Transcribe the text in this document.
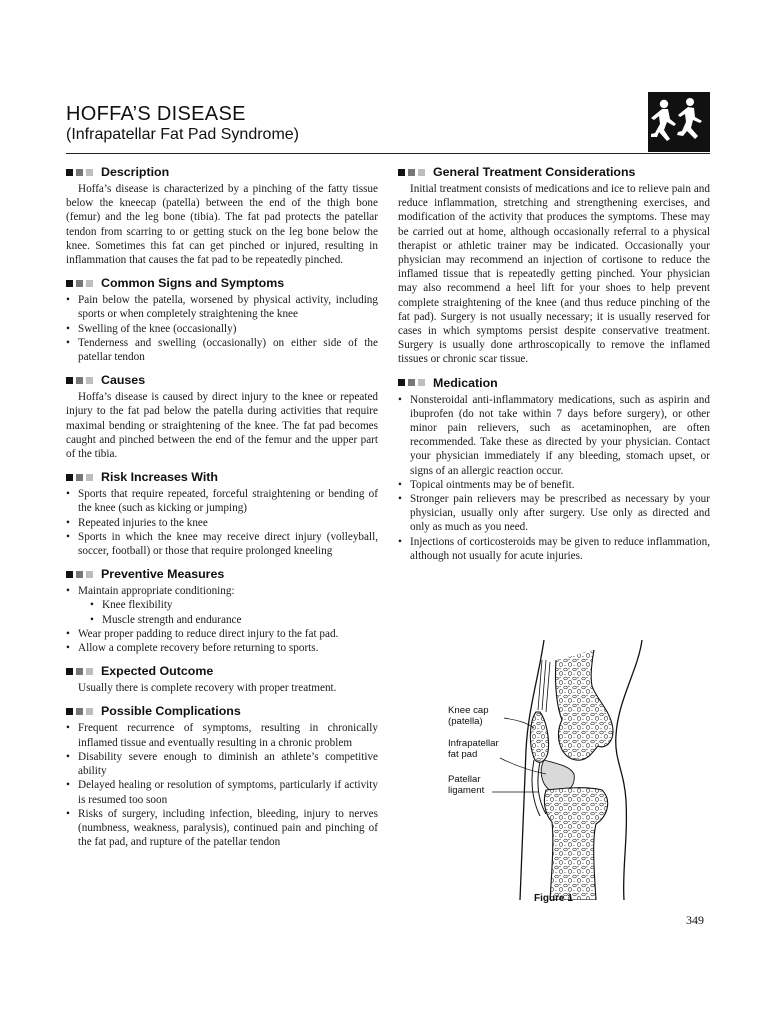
HOFFA’S DISEASE
(Infrapatellar Fat Pad Syndrome)
Description

Hoffa’s disease is characterized by a pinching of the fatty tissue below the kneecap (patella) between the end of the thigh bone (femur) and the leg bone (tibia). The fat pad protects the patellar tendon from scarring to or getting stuck on the leg bone below the knee. Sometimes this fat can get pinched or injured, resulting in inflammation that causes the fat pad to be repeatedly pinched.

Common Signs and Symptoms
• Pain below the patella, worsened by physical activity, including sports or when completely straightening the knee
• Swelling of the knee (occasionally)
• Tenderness and swelling (occasionally) on either side of the patellar tendon
Causes

Hoffa’s disease is caused by direct injury to the knee or repeated injury to the fat pad below the patella during activities that require maximal bending or straightening of the knee. The fat pad becomes caught and pinched between the end of the femur and the upper part of the tibia.

Risk Increases With
• Sports that require repeated, forceful straightening or bending of the knee (such as kicking or jumping)
• Repeated injuries to the knee
• Sports in which the knee may receive direct injury (volleyball, soccer, football) or those that require prolonged kneeling
Preventive Measures
• Maintain appropriate conditioning:
• Knee flexibility
• Muscle strength and endurance
• Wear proper padding to reduce direct injury to the fat pad.
• Allow a complete recovery before returning to sports.
Expected Outcome

Usually there is complete recovery with proper treatment.

Possible Complications
• Frequent recurrence of symptoms, resulting in chronically inflamed tissue and eventually resulting in a chronic problem
• Disability severe enough to diminish an athlete’s competitive ability
• Delayed healing or resolution of symptoms, particularly if activity is resumed too soon
• Risks of surgery, including infection, bleeding, injury to nerves (numbness, weakness, paralysis), continued pain and pinching of the fat pad, and rupture of the patellar tendon
General Treatment Considerations

Initial treatment consists of medications and ice to relieve pain and reduce inflammation, stretching and strengthening exercises, and modification of the activity that produces the symptoms. These may be carried out at home, although occasionally referral to a physical therapist or athletic trainer may be indicated. Occasionally your physician may recommend an injection of cortisone to reduce the inflamed tissue that is repeatedly getting pinched. Your physician may also recommend a heel lift for your shoes to help prevent complete straightening of the knee (and thus reduce pinching of the fat pad). Surgery is not usually necessary; it is usually reserved for cases in which symptoms persist despite conservative treatment. Surgery is usually done arthroscopically to remove the inflamed tissues or chronic scar tissue.

Medication
• Nonsteroidal anti-inflammatory medications, such as aspirin and ibuprofen (do not take within 7 days before surgery), or other minor pain relievers, such as acetaminophen, are often recommended. Take these as directed by your physician. Contact your physician immediately if any bleeding, stomach upset, or signs of an allergic reaction occur.
• Topical ointments may be of benefit.
• Stronger pain relievers may be prescribed as necessary by your physician, usually only after surgery. Use only as directed and only as much as you need.
• Injections of corticosteroids may be given to reduce inflammation, although not usually for acute injuries.
Knee cap
(patella)
Infrapatellar
fat pad
Patellar
ligament
Figure 1
349
